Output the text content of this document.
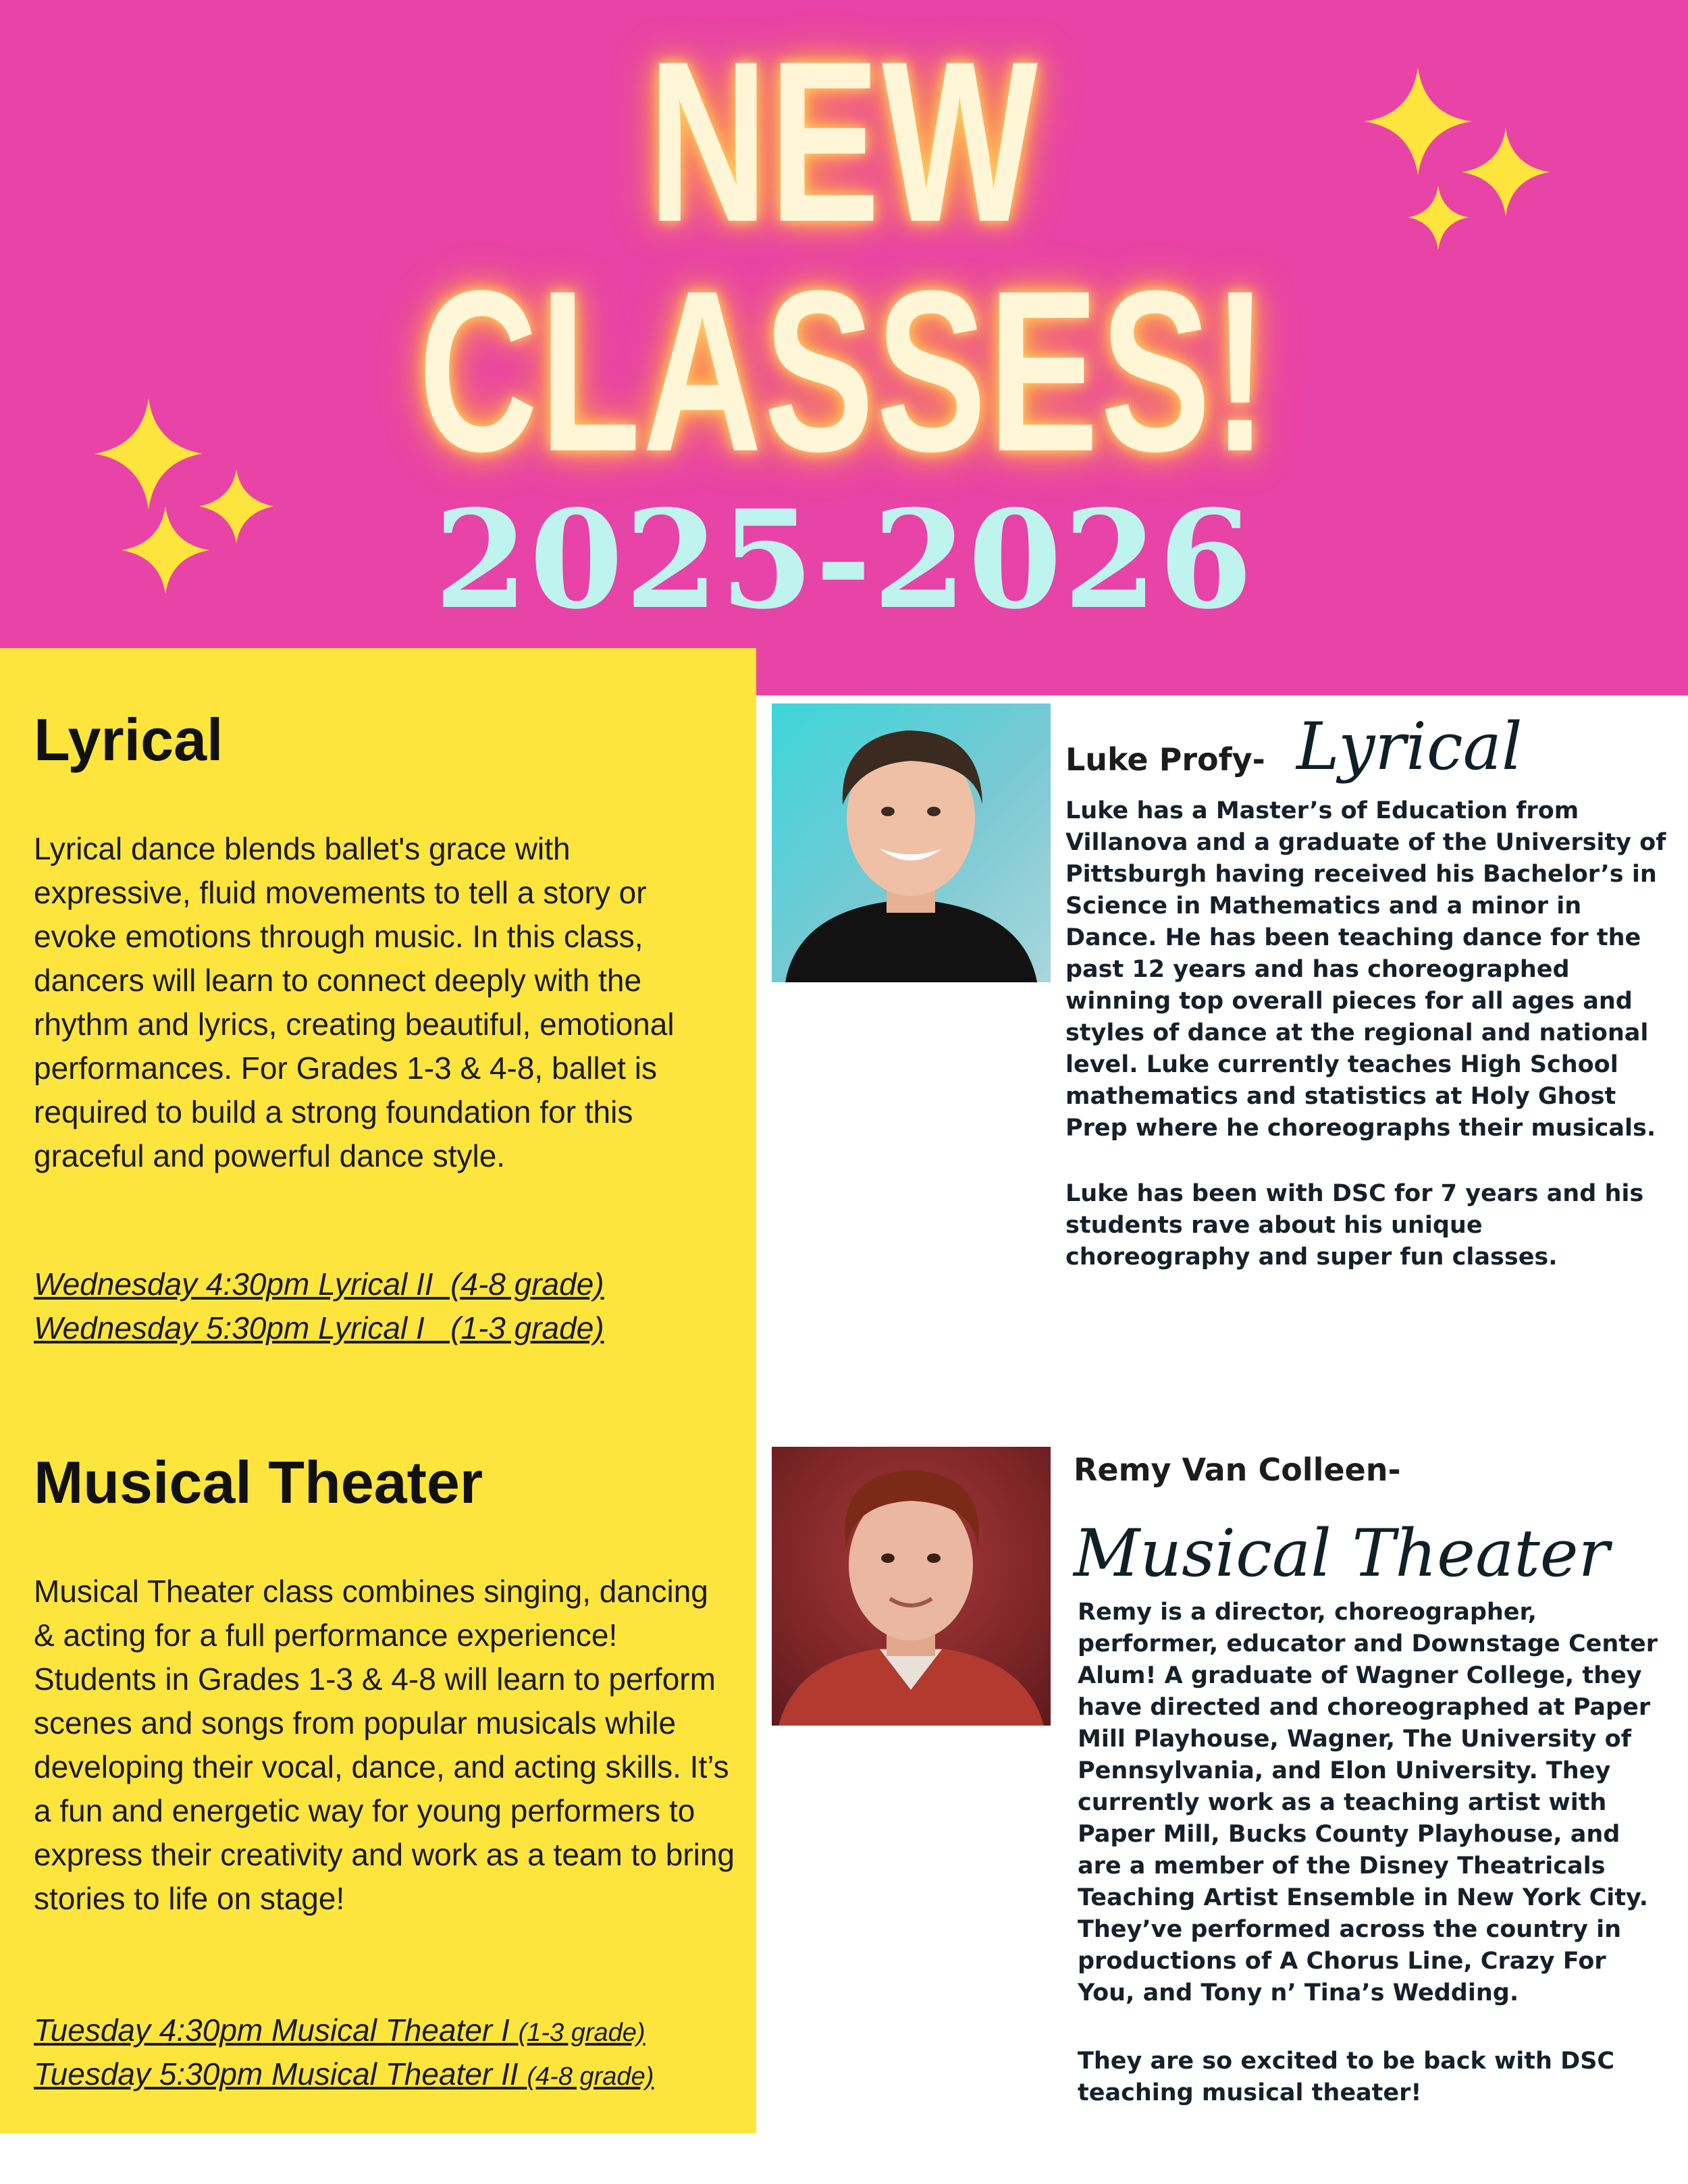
NEW
CLASSES!
2025-2026
Lyrical
Lyrical dance blends ballet's grace with expressive, fluid movements to tell a story or evoke emotions through music. In this class, dancers will learn to connect deeply with the rhythm and lyrics, creating beautiful, emotional performances. For Grades 1-3 & 4-8, ballet is required to build a strong foundation for this graceful and powerful dance style.
Wednesday 4:30pm Lyrical II  (4-8 grade)
Wednesday 5:30pm Lyrical I   (1-3 grade)
Musical Theater
Musical Theater class combines singing, dancing & acting for a full performance experience! Students in Grades 1-3 & 4-8 will learn to perform scenes and songs from popular musicals while developing their vocal, dance, and acting skills. It’s a fun and energetic way for young performers to express their creativity and work as a team to bring stories to life on stage!
Tuesday 4:30pm Musical Theater I (1-3 grade)
Tuesday 5:30pm Musical Theater II (4-8 grade)
Luke Profy- Lyrical
Luke has a Master’s of Education from Villanova and a graduate of the University of Pittsburgh having received his Bachelor’s in Science in Mathematics and a minor in Dance. He has been teaching dance for the past 12 years and has choreographed winning top overall pieces for all ages and styles of dance at the regional and national level. Luke currently teaches High School mathematics and statistics at Holy Ghost Prep where he choreographs their musicals.
Luke has been with DSC for 7 years and his students rave about his unique choreography and super fun classes.
Remy Van Colleen-
Musical Theater
Remy is a director, choreographer, performer, educator and Downstage Center Alum! A graduate of Wagner College, they have directed and choreographed at Paper Mill Playhouse, Wagner, The University of Pennsylvania, and Elon University. They currently work as a teaching artist with Paper Mill, Bucks County Playhouse, and are a member of the Disney Theatricals Teaching Artist Ensemble in New York City. They’ve performed across the country in productions of A Chorus Line, Crazy For You, and Tony n’ Tina’s Wedding.
They are so excited to be back with DSC teaching musical theater!
